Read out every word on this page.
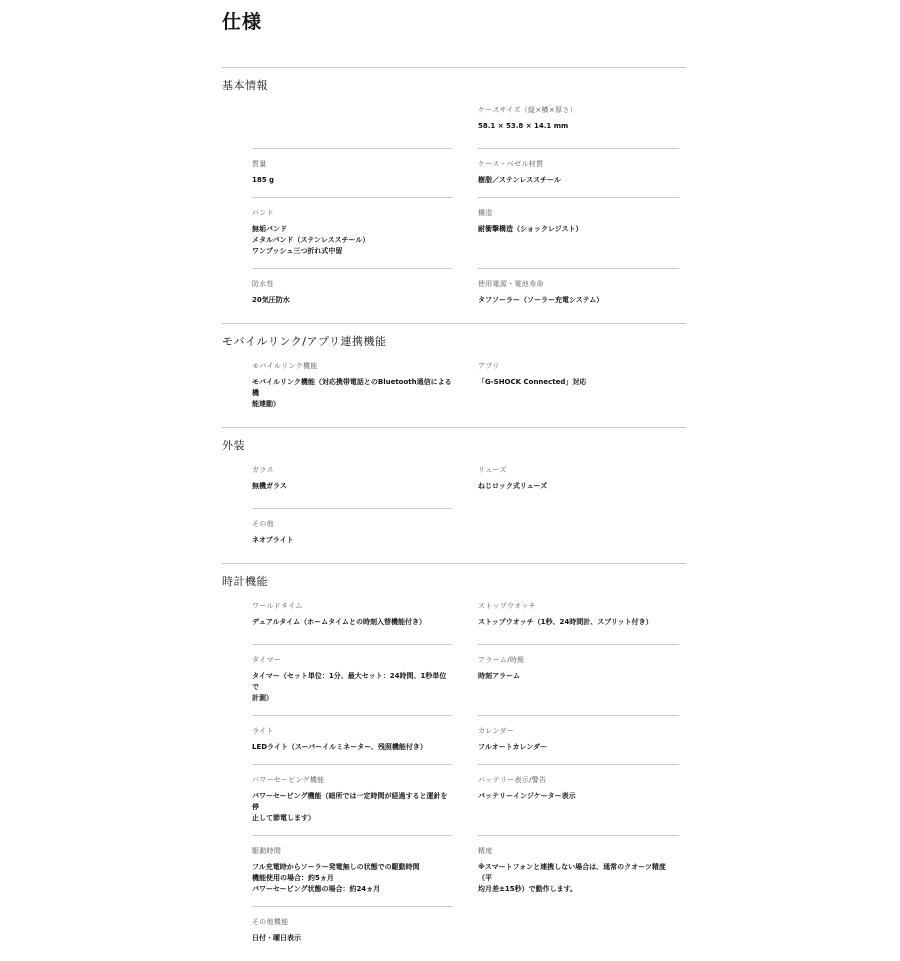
仕様
基本情報

ケースサイズ（縦×横×厚さ）

58.1 × 53.8 × 14.1 mm

質量

185 g

ケース・ベゼル材質

樹脂／ステンレススチール

バンド

無垢バンド
メタルバンド（ステンレススチール）
ワンプッシュ三つ折れ式中留

構造

耐衝撃構造（ショックレジスト）

防水性

20気圧防水

使用電源・電池寿命

タフソーラー（ソーラー充電システム）

モバイルリンク/アプリ連携機能

モバイルリンク機能

モバイルリンク機能（対応携帯電話とのBluetooth通信による機
能連動）

アプリ

「G-SHOCK Connected」対応

外装

ガラス

無機ガラス

リューズ

ねじロック式リューズ

その他

ネオブライト

時計機能

ワールドタイム

デュアルタイム（ホームタイムとの時刻入替機能付き）

ストップウオッチ

ストップウオッチ（1秒、24時間計、スプリット付き）

タイマー

タイマー（セット単位：1分、最大セット：24時間、1秒単位で
計測）

アラーム/時報

時刻アラーム

ライト

LEDライト（スーパーイルミネーター、残照機能付き）

カレンダー

フルオートカレンダー

パワーセービング機能

パワーセービング機能（暗所では一定時間が経過すると運針を停
止して節電します）

バッテリー表示/警告

バッテリーインジケーター表示

駆動時間

フル充電時からソーラー発電無しの状態での駆動時間
機能使用の場合：約5ヵ月
パワーセービング状態の場合：約24ヵ月

精度

※スマートフォンと連携しない場合は、通常のクオーツ精度（平
均月差±15秒）で動作します。

その他機能

日付・曜日表示
